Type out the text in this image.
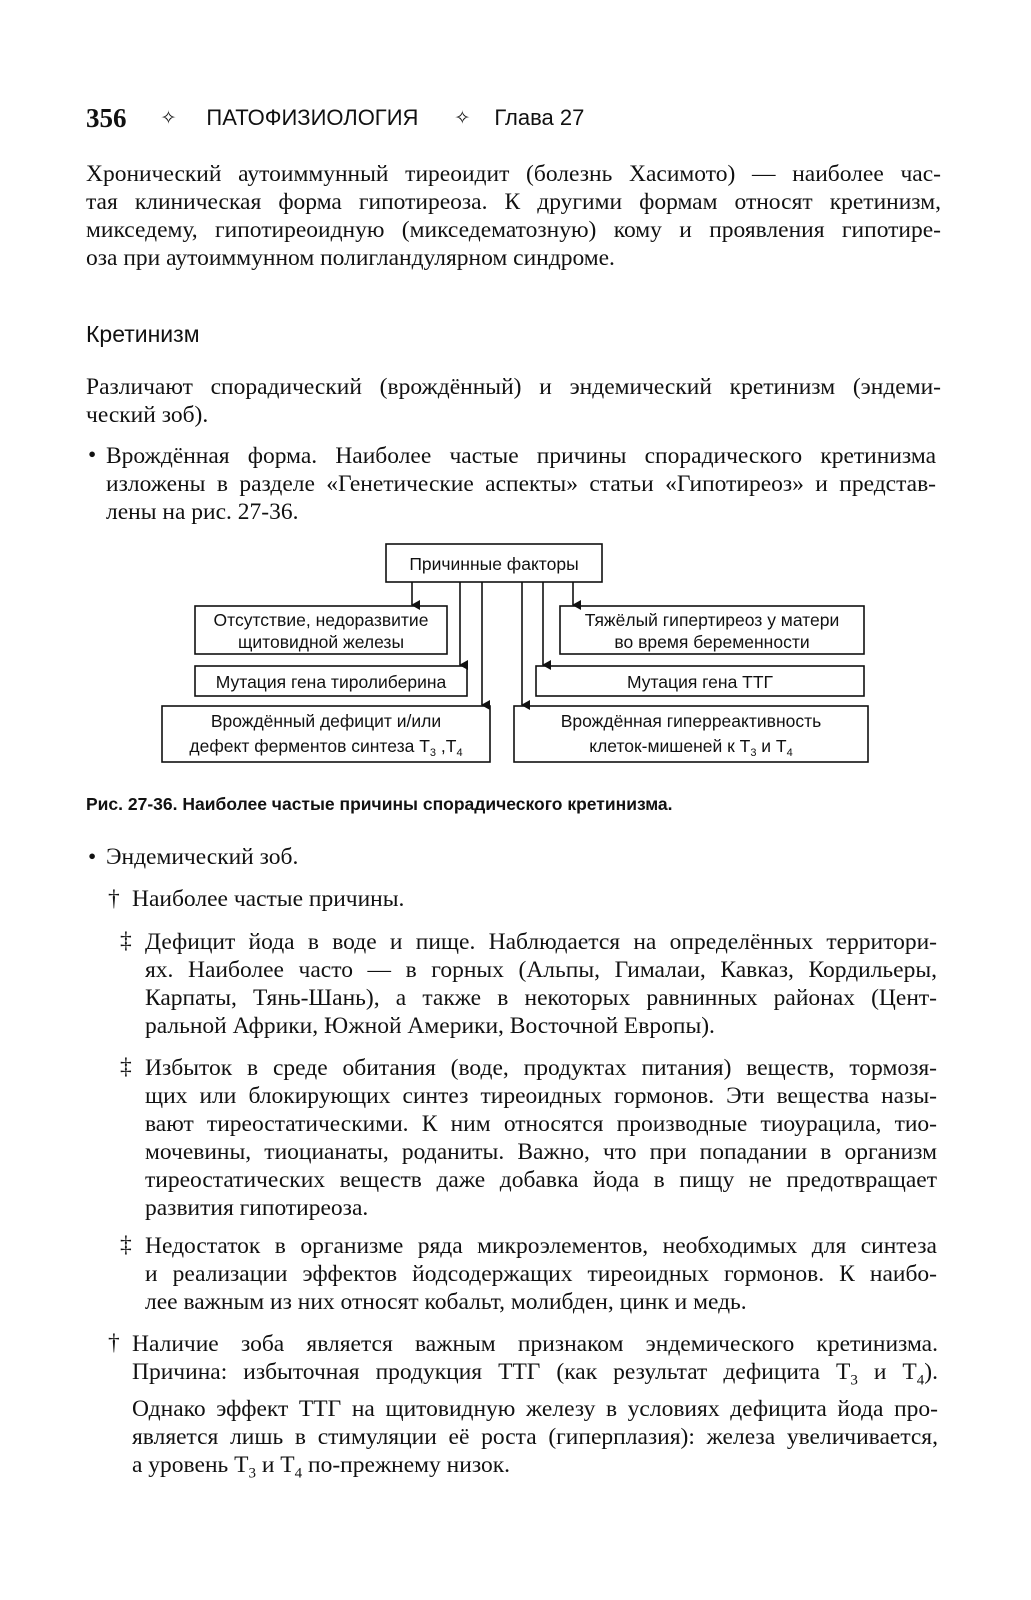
356 ✧ ПАТОФИЗИОЛОГИЯ ✧ Глава 27
Хронический аутоиммунный тиреоидит (болезнь Хасимото) — наиболее час-
тая клиническая форма гипотиреоза. К другими формам относят кретинизм,
микседему, гипотиреоидную (микседематозную) кому и проявления гипотире-
оза при аутоиммунном полигландулярном синдроме.
Кретинизм
Различают спорадический (врождённый) и эндемический кретинизм (эндеми-
ческий зоб).
• Врождённая форма. Наиболее частые причины спорадического кретинизма
изложены в разделе «Генетические аспекты» статьи «Гипотиреоз» и представ-
лены на рис. 27-36.
Причинные факторы
Отсутствие, недоразвитие
щитовидной железы
Мутация гена тиролиберина
Тяжёлый гипертиреоз у матери
во время беременности
Мутация гена ТТГ
Врождённый дефицит и/или
дефект ферментов синтеза $Т_3$ $,Т_4$
Врождённая гиперреактивность
клеток-мишеней к $Т_3$ и $Т_4$
Рис. 27-36. Наиболее частые причины спорадического кретинизма.
• Эндемический зоб.
† Наиболее частые причины.
‡ Дефицит йода в воде и пище. Наблюдается на определённых территори-
ях. Наиболее часто — в горных (Альпы, Гималаи, Кавказ, Кордильеры,
Карпаты, Тянь-Шань), а также в некоторых равнинных районах (Цент-
ральной Африки, Южной Америки, Восточной Европы).
‡ Избыток в среде обитания (воде, продуктах питания) веществ, тормозя-
щих или блокирующих синтез тиреоидных гормонов. Эти вещества назы-
вают тиреостатическими. К ним относятся производные тиоурацила, тио-
мочевины, тиоцианаты, роданиты. Важно, что при попадании в организм
тиреостатических веществ даже добавка йода в пищу не предотвращает
развития гипотиреоза.
‡ Недостаток в организме ряда микроэлементов, необходимых для синтеза
и реализации эффектов йодсодержащих тиреоидных гормонов. К наибо-
лее важным из них относят кобальт, молибден, цинк и медь.
† Наличие зоба является важным признаком эндемического кретинизма.
Причина: избыточная продукция ТТГ (как результат дефицита $Т_3$ и $Т_4$).
Однако эффект ТТГ на щитовидную железу в условиях дефицита йода про-
является лишь в стимуляции её роста (гиперплазия): железа увеличивается,
а уровень $Т_3$ и $Т_4$ по-прежнему низок.
